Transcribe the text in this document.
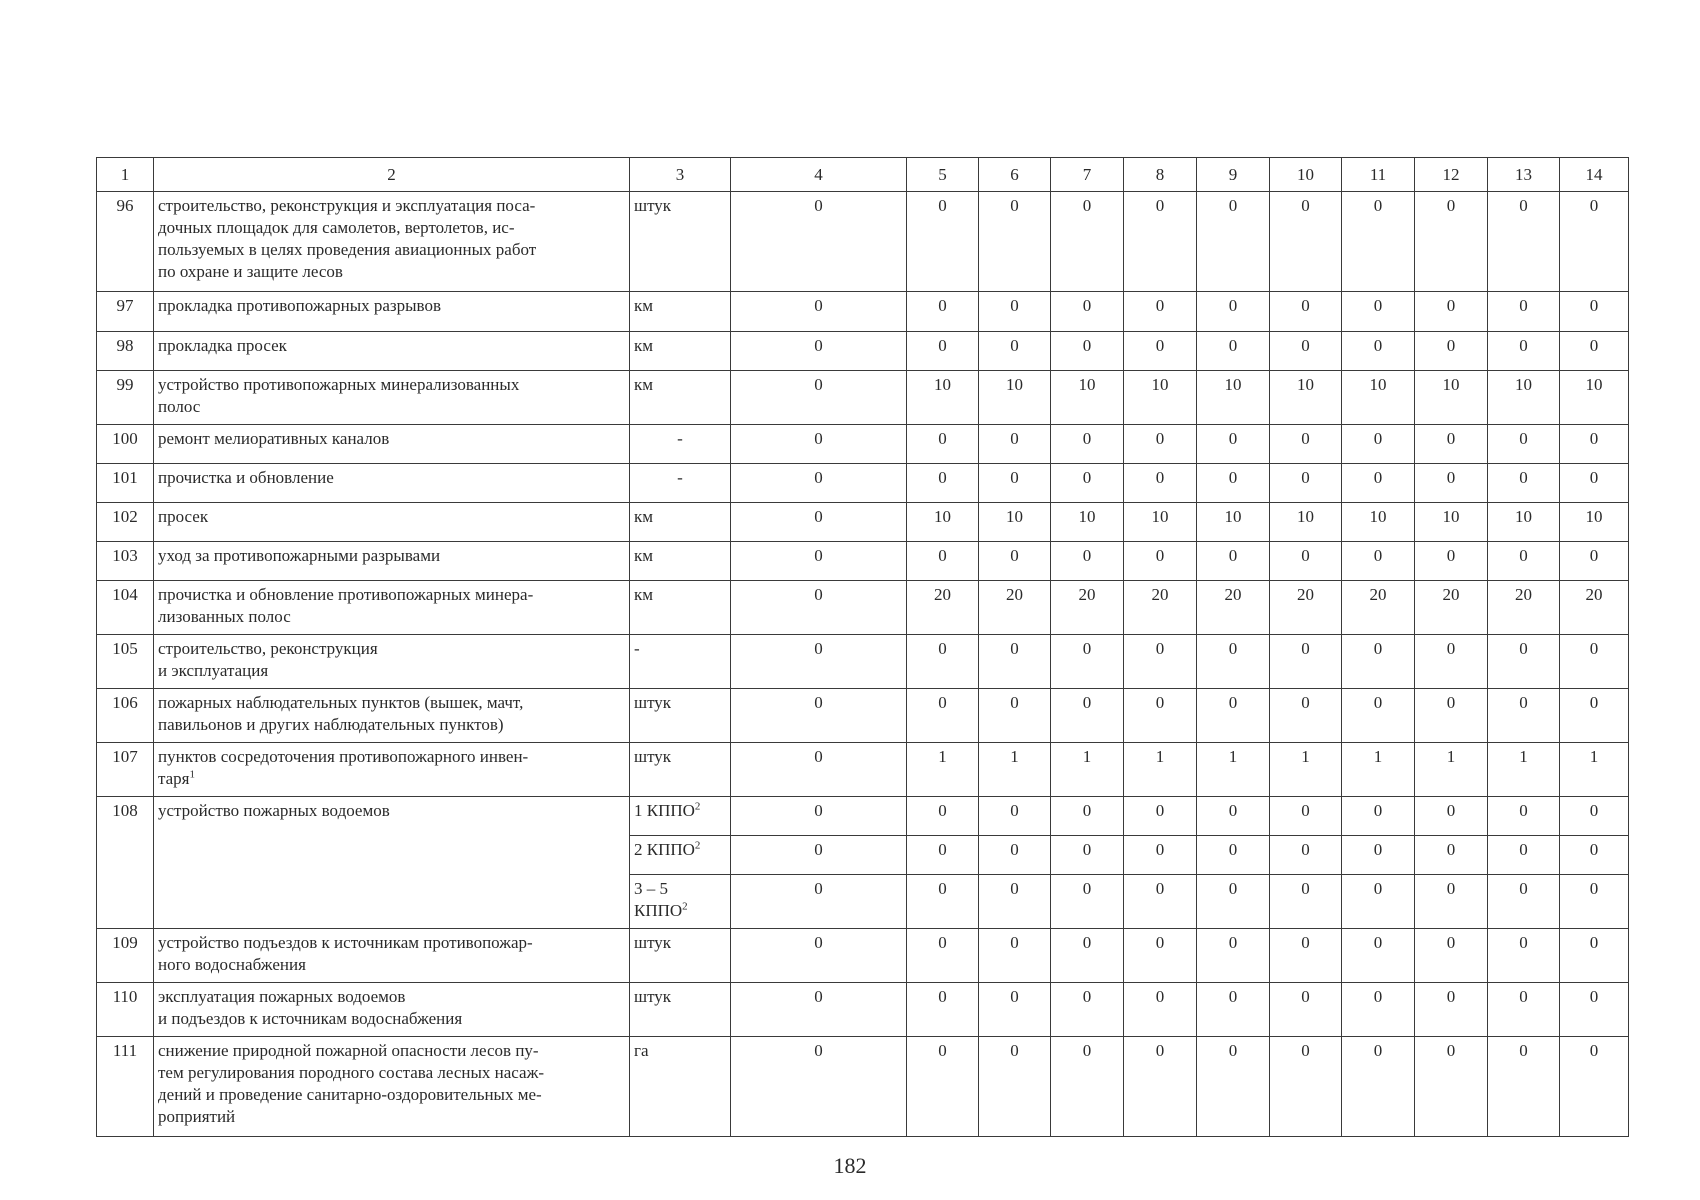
1	2	3	4	5	6	7	8	9	10	11	12	13	14
96	строительство, реконструкция и эксплуатация поса-
дочных площадок для самолетов, вертолетов, ис-
пользуемых в целях проведения авиационных работ
по охране и защите лесов	штук	0	0	0	0	0	0	0	0	0	0	0
97	прокладка противопожарных разрывов	км	0	0	0	0	0	0	0	0	0	0	0
98	прокладка просек	км	0	0	0	0	0	0	0	0	0	0	0
99	устройство противопожарных минерализованных
полос	км	0	10	10	10	10	10	10	10	10	10	10
100	ремонт мелиоративных каналов	-	0	0	0	0	0	0	0	0	0	0	0
101	прочистка и обновление	-	0	0	0	0	0	0	0	0	0	0	0
102	просек	км	0	10	10	10	10	10	10	10	10	10	10
103	уход за противопожарными разрывами	км	0	0	0	0	0	0	0	0	0	0	0
104	прочистка и обновление противопожарных минера-
лизованных полос	км	0	20	20	20	20	20	20	20	20	20	20
105	строительство, реконструкция
и эксплуатация	-	0	0	0	0	0	0	0	0	0	0	0
106	пожарных наблюдательных пунктов (вышек, мачт,
павильонов и других наблюдательных пунктов)	штук	0	0	0	0	0	0	0	0	0	0	0
107	пунктов сосредоточения противопожарного инвен-
таря$^1$	штук	0	1	1	1	1	1	1	1	1	1	1
108	устройство пожарных водоемов	1 КППО$^2$	0	0	0	0	0	0	0	0	0	0	0
		2 КППО$^2$	0	0	0	0	0	0	0	0	0	0	0
		3 – 5
КППО$^2$	0	0	0	0	0	0	0	0	0	0	0
109	устройство подъездов к источникам противопожар-
ного водоснабжения	штук	0	0	0	0	0	0	0	0	0	0	0
110	эксплуатация пожарных водоемов
и подъездов к источникам водоснабжения	штук	0	0	0	0	0	0	0	0	0	0	0
111	снижение природной пожарной опасности лесов пу-
тем регулирования породного состава лесных насаж-
дений и проведение санитарно-оздоровительных ме-
роприятий	га	0	0	0	0	0	0	0	0	0	0	0
182
